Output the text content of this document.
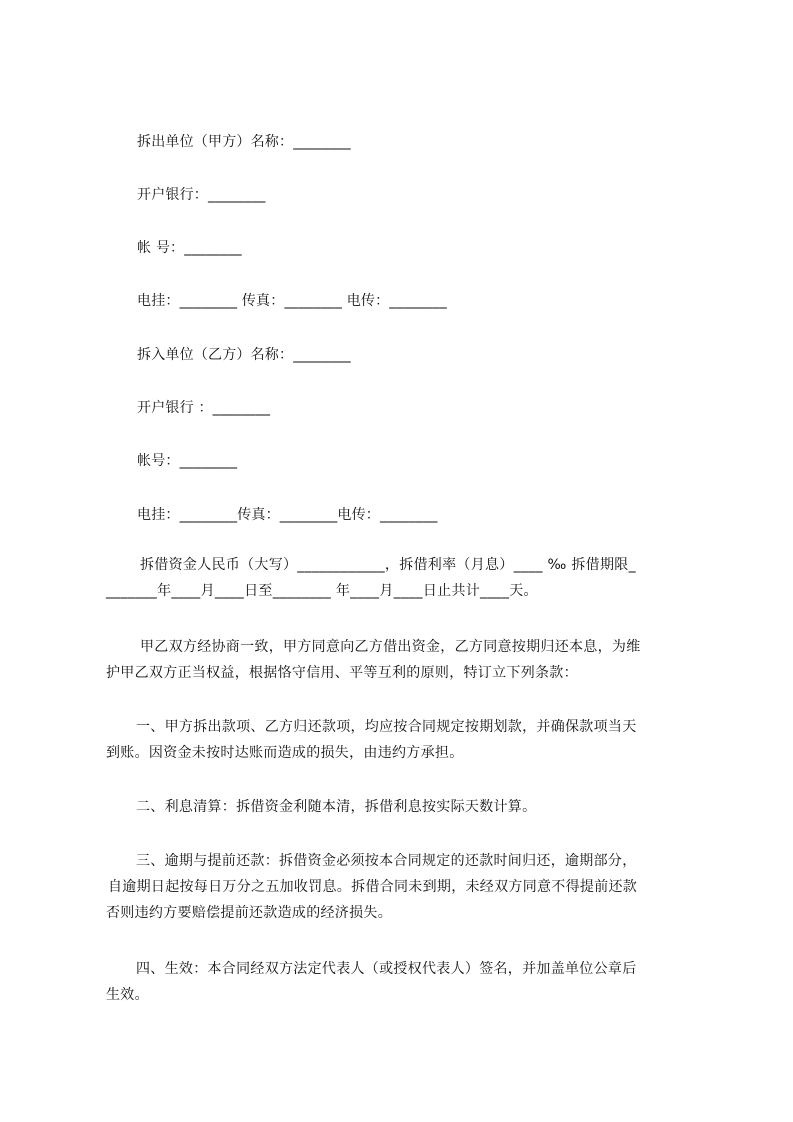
拆出单位（甲方）名称：________
开户银行：________
帐 号：________
电挂：________ 传真：________ 电传：________
拆入单位（乙方）名称：________
开户银行 ：________
帐号：________
电挂：________传真：________电传：________
拆借资金人民币（大写）____________，拆借利率（月息）____ ‰ 拆借期限_
_______年____月____日至________ 年____月____日止共计____天。
甲乙双方经协商一致，甲方同意向乙方借出资金，乙方同意按期归还本息，为维
护甲乙双方正当权益，根据恪守信用、平等互利的原则，特订立下列条款：
一、甲方拆出款项、乙方归还款项，均应按合同规定按期划款，并确保款项当天
到账。因资金未按时达账而造成的损失，由违约方承担。
二、利息清算：拆借资金利随本清，拆借利息按实际天数计算。
三、逾期与提前还款：拆借资金必须按本合同规定的还款时间归还，逾期部分，
自逾期日起按每日万分之五加收罚息。拆借合同未到期，未经双方同意不得提前还款
否则违约方要赔偿提前还款造成的经济损失。
四、生效：本合同经双方法定代表人（或授权代表人）签名，并加盖单位公章后
生效。
